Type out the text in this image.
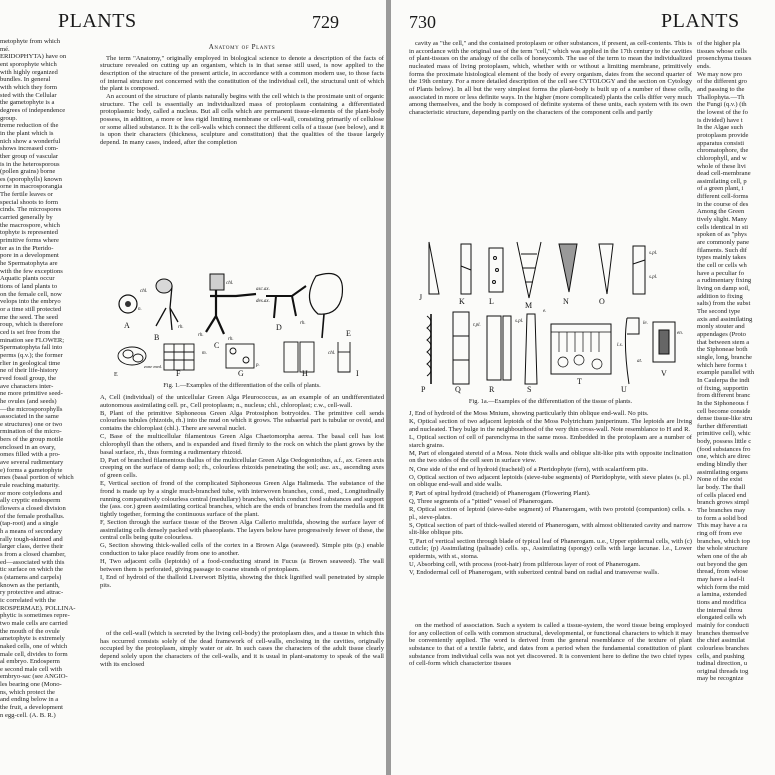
PLANTS	729

metophyte from which

mé.

ERIDOPHYTA) have on

ent sporophyte which

with highly organized

bundles. In general

with which they form

sted with the Cellular

the gametophyte is a

degrees of independence

group.

treme reduction of the

in the plant which is

nich show a wonderful

shows increased com-

ther group of vascular

is in the heterosporous

(pollen grains) borne

es (sporophylls) known

orne in macrosporangia

The fertile leaves or

special shoots to form

cinds. The microspores

carried generally by

the macrospore, which

tophyte is represented

primitive forms where

ter as in the Pterido-

pore in a development

he Spermatophyta are

with the few exceptions

Aquatic plants occur

tions of land plants to

on the female cell, now

velops into the embryo

or a time still protected

me the seed. The seed

roup, which is therefore

ced is set free from the

mination see FLOWER;

Spermatophyta fall into

perms (q.v.); the former

rlier in geological time

ne of their life-history

rved fossil group, the

ave characters inter-

ne more primitive seed-

he ovules (and seeds)

—the microsporophylls

associated in the same

e structures) one or two

rmination of the micro-

bers of the group motile

enclosed in an ovary,

omes filled with a pro-

ave several rudimentary

e) forms a gametophyte

mes (basal portion of which

rule reaching maturity.

or more cotyledons and

ally cryptic endosperm

flowers a closed division

of the female prothallus.

(tap-root) and a single

h a means of secondary

rally tough-skinned and

larger class, derive their

s from a closed chamber,

ed—associated with this

tic surface on which the

s (stamens and carpels)

known as the perianth,

ry protective and attrac-

ic correlated with the

ROSPERMAE). POLLINA-

phytic is sometimes repre-

two male cells are carried

the mouth of the ovule

ametophyte is extremely

naked cells, one of which

male cell, divides to form

al embryo. Endosperm

e second male cell with

embryo-sac (see ANGIO-

les bearing one (Mono-

ns, which protect the

and ending below in a

the fruit, a development

n egg-cell. (A. B. R.)

Anatomy of Plants

The term "Anatomy," originally employed in biological science to denote a description of the facts of structure revealed on cutting up an organism, which is in that sense still used, is now applied to the description of the structure of the present article, in accordance with a common modern use, to those facts of internal structure not concerned with the constitution of the individual cell, the structural unit of which the plant is composed.

An account of the structure of plants naturally begins with the cell which is the proximate unit of organic structure. The cell is essentially an individualized mass of protoplasm containing a differentiated protoplasmic body, called a nucleus. But all cells which are permanent tissue-elements of the plant-body possess, in addition, a more or less rigid limiting membrane or cell-wall, consisting primarily of cellulose or some allied substance. It is the cell-walls which connect the different cells of a tissue (see below), and it is upon their characters (thickness, sculpture and constitution) that the qualities of the tissue largely depend. In many cases, indeed, after the completion

A
B
C
D
E
F	G	H	I
chl.
n.
rh.
chl.
asc.ax.
des.ax.
rh.
rh.
rh.
E
zone med.
m.
p.
chl.
Fig. 1.—Examples of the differentiation of the cells of plants.

A, Cell (individual) of the unicellular Green Alga Pleurococcus, as an example of an undifferentiated autonomous assimilating cell. pr., Cell protoplasm; n., nucleus; chl., chloroplast; c.w., cell-wall.

B, Plant of the primitive Siphoneous Green Alga Protosiphon botryoides. The primitive cell sends colourless tubules (rhizoids, rh.) into the mud on which it grows. The subaerial part is tubular or ovoid, and contains the chloroplast (chl.). There are several nuclei.

C, Base of the multicellular filamentous Green Alga Chaetomorpha aerea. The basal cell has lost chlorophyll than the others, and is expanded and fixed firmly to the rock on which the plant grows by the basal surface, rh., thus forming a rudimentary rhizoid.

D, Part of branched filamentous thallus of the multicellular Green Alga Oedogoniothus, a.f., ax. Green axis creeping on the surface of damp soil; rh., colourless rhizoids penetrating the soil; asc. ax., ascending axes of green cells.

E, Vertical section of frond of the complicated Siphoneous Green Alga Halimeda. The substance of the frond is made up by a single much-branched tube, with interwoven branches, cond., med., Longitudinally running comparatively colourless central (medullary) branches, which conduct food substances and support the (ass. cor.) green assimilating cortical branches, which are the ends of branches from the medulla and fit tightly together, forming the continuous surface of the plant.

F, Section through the surface tissue of the Brown Alga Callerio multifida, showing the surface layer of assimilating cells densely packed with phaeoplasts. The layers below have progressively fewer of these, the central cells being quite colourless.

G, Section showing thick-walled cells of the cortex in a Brown Alga (seaweed). Simple pits (p.) enable conduction to take place readily from one to another.

H, Two adjacent cells (leptoids) of a food-conducting strand in Fucus (a Brown seaweed). The wall between them is perforated, giving passage to coarse strands of protoplasm.

I, End of hydroid of the thalloid Liverwort Blyttia, showing the thick lignified wall penetrated by simple pits.

of the cell-wall (which is secreted by the living cell-body) the protoplasm dies, and a tissue in which this has occurred consists solely of the dead framework of cell-walls, enclosing in the cavities, originally occupied by the protoplasm, simply water or air. In such cases the characters of the adult tissue clearly depend solely upon the characters of the cell-walls, and it is usual in plant-anatomy to speak of the wall with its enclosed

730	PLANTS

cavity as "the cell," and the contained protoplasm or other substances, if present, as cell-contents. This is in accordance with the original use of the term "cell," which was applied in the 17th century to the cavities of plant-tissues on the analogy of the cells of honeycomb. The use of the term to mean the individualized nucleated mass of living protoplasm, which, whether with or without a limiting membrane, primitively forms the proximate histological element of the body of every organism, dates from the second quarter of the 19th century. For a more detailed description of the cell see CYTOLOGY and the section on Cytology of Plants below). In all but the very simplest forms the plant-body is built up of a number of these cells, associated in more or less definite ways. In the higher (more complicated) plants the cells differ very much among themselves, and the body is composed of definite systems of these units, each system with its own characteristic structure, depending partly on the characters of the component cells and partly

J	K	L	M	N	O
P	Q	R	S
T
U
V
s.pl.
s.pl.
s.pl.
r.pl.
e.
le.
l.s.
en.
at.
Fig. 1a.—Examples of the differentiation of the tissue of plants.

J, End of hydroid of the Moss Mnium, showing particularly thin oblique end-wall. No pits.

K, Optical section of two adjacent leptoids of the Moss Polytrichum juniperinum. The leptoids are living and nucleated. They bulge in the neighbourhood of the very thin cross-wall. Note resemblance to H and R.

L, Optical section of cell of parenchyma in the same moss. Embedded in the protoplasm are a number of starch grains.

M, Part of elongated stereid of a Moss. Note thick walls and oblique slit-like pits with opposite inclination on the two sides of the cell seen in surface view.

N, One side of the end of hydroid (tracheid) of a Pteridophyte (fern), with scalariform pits.

O, Optical section of two adjacent leptoids (sieve-tube segments) of Pteridophyte, with sieve plates (s. pl.) on oblique end-wall and side walls.

P, Part of spiral hydroid (tracheid) of Phanerogam (Flowering Plant).

Q, Three segments of a "pitted" vessel of Phanerogam.

R, Optical section of leptoid (sieve-tube segment) of Phanerogam, with two protoid (companion) cells. s. pl., sieve-plates.

S, Optical section of part of thick-walled stereid of Phanerogam, with almost obliterated cavity and narrow slit-like oblique pits.

T, Part of vertical section through blade of typical leaf of Phanerogam. u.e., Upper epidermal cells, with (c) cuticle; (p) Assimilating (palisade) cells. sp., Assimilating (spongy) cells with large lacunae. l.e., Lower epidermis, with st., stoma.

U, Absorbing cell, with process (root-hair) from piliferous layer of root of Phanerogam.

V, Endodermal cell of Phanerogam, with suberized central band on radial and transverse walls.

on the method of association. Such a system is called a tissue-system, the word tissue being employed for any collection of cells with common structural, developmental, or functional characters to which it may be conveniently applied. The word is derived from the general resemblance of the texture of plant substance to that of a textile fabric, and dates from a period when the fundamental constitution of plant substance from individual cells was not yet discovered. It is convenient here to define the two chief types of cell-form which characterize tissues

of the higher pla

tissues whose cells

prosenchyma tissues

ends.

We may now pro

of the different gro

and passing to the

Thallophyta.—Th

the Fungi (q.v.) (th

the lowest of the fo

is divided) have t

In the Algae such

protoplasm provide

apparatus consisti

chromatophore, the

chlorophyll, and w

whole of these livi

dead cell-membrane

assimilating cell, p

of a green plant, i

different cell-forms

in the course of des

Among the Green

tively slight. Many

cells identical in sti

spoken of as "phys

are commonly pane

filaments. Such dif

types mainly takes

the cell or cells wh

have a peculiar fo

a rudimentary fixing

living on damp soil,

addition to fixing

salts) from the subst

The second type

axis and assimilating

monly stouter and

appendages (Proto

that between stem a

the Siphoneae both

single, long, branche

which here forms t

example parallel with

In Caulerpa the indi

of fixing, supportin

from different branc

In the Siphoneous f

cell become conside

dense tissue-like stru

further differentiati

primitive cell), whic

body, possess little c

(food substances fro

one, which are direc

ending blindly ther

assimilating organs

None of the exist

lar body. The thall

of cells placed end

branch grows simpl

The branches may

to form a solid bod

This may have a ra

ring off from eve

branches, which top

the whole structure

when one of the ab

out beyond the gen

thread, from whose

may have a leaf-li

which form the mid

a lamina, extended

tions and modifica

the internal throu

elongated cells wh

mainly for conducti

branches themselve

the chief assimilat

colourless branches

cells, and pushing

tudinal direction, u

original threads tog

may be recognize
